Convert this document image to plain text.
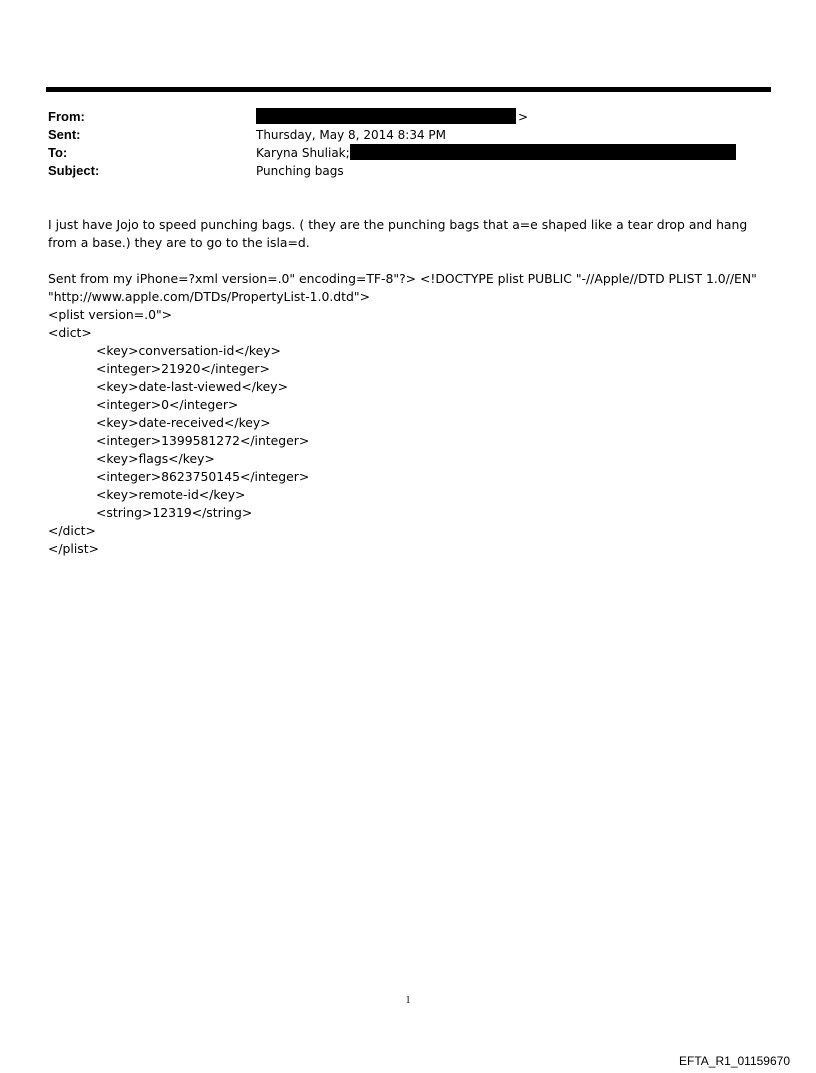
From:	>
Sent:	Thursday, May 8, 2014 8:34 PM
To:	Karyna Shuliak;
Subject:	Punching bags

I just have Jojo to speed punching bags. ( they are the punching bags that a=e shaped like a tear drop and hang from a base.) they are to go to the isla=d.

Sent from my iPhone=?xml version=.0" encoding=TF-8"?> <!DOCTYPE plist PUBLIC "-//Apple//DTD PLIST 1.0//EN"

"http://www.apple.com/DTDs/PropertyList-1.0.dtd">

<plist version=.0">

<dict>

<key>conversation-id</key>

<integer>21920</integer>

<key>date-last-viewed</key>

<integer>0</integer>

<key>date-received</key>

<integer>1399581272</integer>

<key>flags</key>

<integer>8623750145</integer>

<key>remote-id</key>

<string>12319</string>

</dict>

</plist>

1
EFTA_R1_01159670
